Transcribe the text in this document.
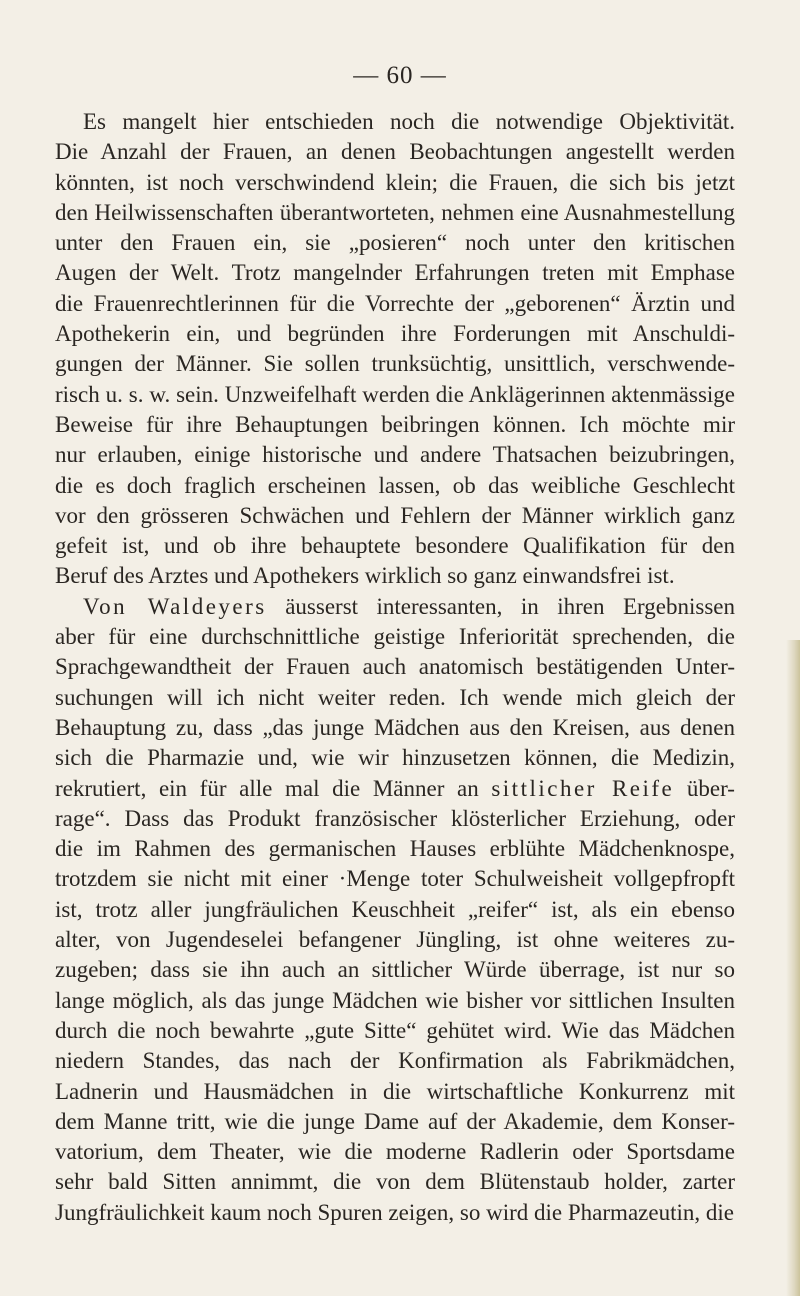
— 60 —
Es mangelt hier entschieden noch die notwendige Objektivität.
Die Anzahl der Frauen, an denen Beobachtungen angestellt werden
könnten, ist noch verschwindend klein; die Frauen, die sich bis jetzt
den Heilwissenschaften überantworteten, nehmen eine Ausnahmestellung
unter den Frauen ein, sie „posieren“ noch unter den kritischen
Augen der Welt. Trotz mangelnder Erfahrungen treten mit Emphase
die Frauenrechtlerinnen für die Vorrechte der „geborenen“ Ärztin und
Apothekerin ein, und begründen ihre Forderungen mit Anschuldi-
gungen der Männer. Sie sollen trunksüchtig, unsittlich, verschwende-
risch u. s. w. sein. Unzweifelhaft werden die Anklägerinnen aktenmässige
Beweise für ihre Behauptungen beibringen können. Ich möchte mir
nur erlauben, einige historische und andere Thatsachen beizubringen,
die es doch fraglich erscheinen lassen, ob das weibliche Geschlecht
vor den grösseren Schwächen und Fehlern der Männer wirklich ganz
gefeit ist, und ob ihre behauptete besondere Qualifikation für den
Beruf des Arztes und Apothekers wirklich so ganz einwandsfrei ist.
Von Waldeyers äusserst interessanten, in ihren Ergebnissen
aber für eine durchschnittliche geistige Inferiorität sprechenden, die
Sprachgewandtheit der Frauen auch anatomisch bestätigenden Unter-
suchungen will ich nicht weiter reden. Ich wende mich gleich der
Behauptung zu, dass „das junge Mädchen aus den Kreisen, aus denen
sich die Pharmazie und, wie wir hinzusetzen können, die Medizin,
rekrutiert, ein für alle mal die Männer an sittlicher Reife über-
rage“. Dass das Produkt französischer klösterlicher Erziehung, oder
die im Rahmen des germanischen Hauses erblühte Mädchenknospe,
trotzdem sie nicht mit einer ·Menge toter Schulweisheit vollgepfropft
ist, trotz aller jungfräulichen Keuschheit „reifer“ ist, als ein ebenso
alter, von Jugendeselei befangener Jüngling, ist ohne weiteres zu-
zugeben; dass sie ihn auch an sittlicher Würde überrage, ist nur so
lange möglich, als das junge Mädchen wie bisher vor sittlichen Insulten
durch die noch bewahrte „gute Sitte“ gehütet wird. Wie das Mädchen
niedern Standes, das nach der Konfirmation als Fabrikmädchen,
Ladnerin und Hausmädchen in die wirtschaftliche Konkurrenz mit
dem Manne tritt, wie die junge Dame auf der Akademie, dem Konser-
vatorium, dem Theater, wie die moderne Radlerin oder Sportsdame
sehr bald Sitten annimmt, die von dem Blütenstaub holder, zarter
Jungfräulichkeit kaum noch Spuren zeigen, so wird die Pharmazeutin, die
